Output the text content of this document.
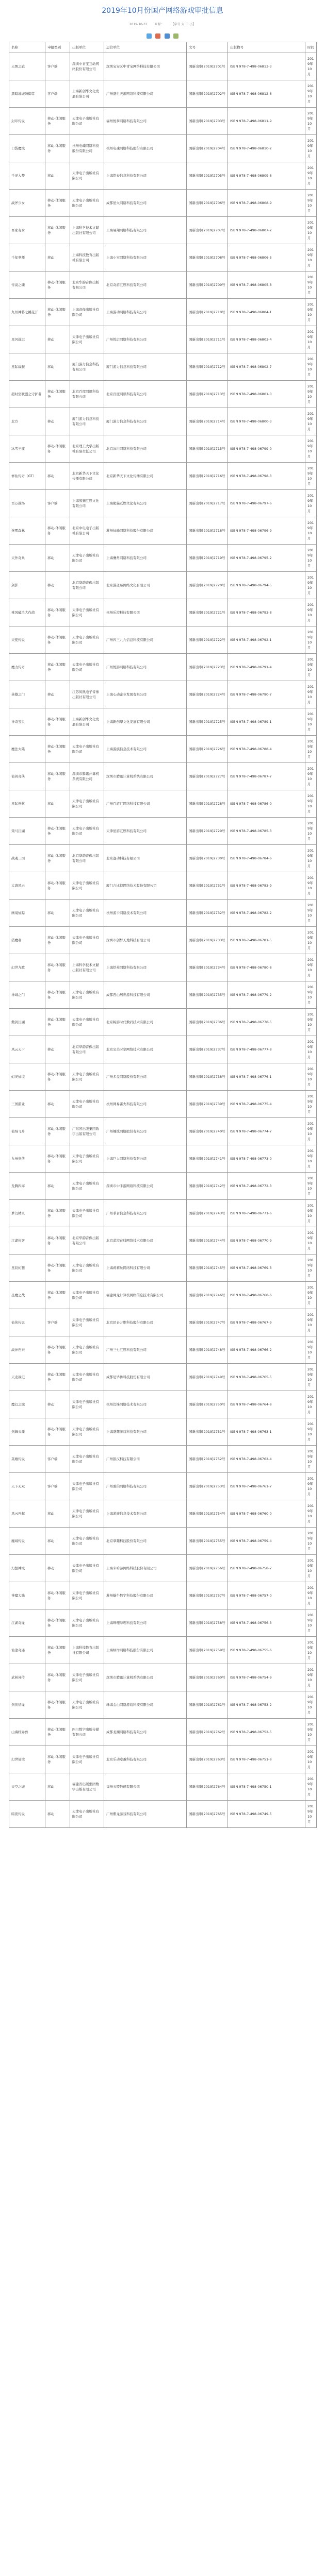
2019年10月份国产网络游戏审批信息
2019-10-31 来源： 【字号 大 中 小】

名称	申报类别	出版单位	运营单位	文号	出版物号	时间
天图之旅	客户端	深圳中青宝互动网络股份有限公司	深圳宝安区中青宝网络科技有限公司	国新出审[2019]2701号	ISBN 978-7-498-06813-3	2019年10月
黑暗地城防御者	客户端	上海新创华文化发展有限公司	广州盛世天游网络科技有限公司	国新出审[2019]2702号	ISBN 978-7-498-06812-6	2019年10月
封印传说	移动-休闲服务	天津电子出版社有限公司	福州悦掌网络科技有限公司	国新出审[2019]2703号	ISBN 978-7-498-06811-9	2019年10月
口袋魔域	移动-休闲服务	杭州电魂网络科技股份有限公司	杭州电魂网络科技股份有限公司	国新出审[2019]2704号	ISBN 978-7-498-06810-2	2019年10月
千灵入梦	移动	天津电子出版社有限公司	上海铭泰信息科技有限公司	国新出审[2019]2705号	ISBN 978-7-498-06809-6	2019年10月
战斧少女	移动-休闲服务	天津电子出版社有限公司	成都星火网络科技有限公司	国新出审[2019]2706号	ISBN 978-7-498-06808-9	2019年10月
吾家有女	移动-休闲服务	上海科学技术文献出版社有限公司	上海易翔网络科技有限公司	国新出审[2019]2707号	ISBN 978-7-498-06807-2	2019年10月
千年拳师	移动	上海科技教育出版社有限公司	上海小宝网络科技有限公司	国新出审[2019]2708号	ISBN 978-7-498-06806-5	2019年10月
传说之魂	移动-休闲服务	北京华韵音像出版有限公司	北京奇游互娱科技有限公司	国新出审[2019]2709号	ISBN 978-7-498-06805-8	2019年10月
九州神将之桃花开	移动-休闲服务	上海音像出版社有限公司	上海游动网络科技有限公司	国新出审[2019]2710号	ISBN 978-7-498-06804-1	2019年10月
星河战记	移动	天津电子出版社有限公司	广州悦启网络科技有限公司	国新出审[2019]2711号	ISBN 978-7-498-06803-4	2019年10月
星际战舰	移动	厦门游力信息科技有限公司	厦门游力信息科技有限公司	国新出审[2019]2712号	ISBN 978-7-498-06802-7	2019年10月
超时空联盟之守护者	移动-休闲服务	北京百度网讯科技有限公司	北京百度网讯科技有限公司	国新出审[2019]2713号	ISBN 978-7-498-06801-0	2019年10月
北方	移动	厦门游力信息科技有限公司	厦门游力信息科技有限公司	国新出审[2019]2714号	ISBN 978-7-498-06800-3	2019年10月
冰雪王座	移动-休闲服务	北京理工大学出版社有限责任公司	北京冰川网络科技有限公司	国新出审[2019]2715号	ISBN 978-7-498-06799-0	2019年10月
修仙传奇（GT）	移动	北京新华天下文化传播有限公司	北京新华天下文化传播有限公司	国新出审[2019]2716号	ISBN 978-7-498-06798-3	2019年10月
百万战场	客户端	上海熊猫互娱文化有限公司	上海熊猫互娱文化有限公司	国新出审[2019]2717号	ISBN 978-7-498-06797-6	2019年10月
迷雾森林	移动-休闲服务	北京中电电子出版社有限公司	苏州仙峰网络科技股份有限公司	国新出审[2019]2718号	ISBN 978-7-498-06796-9	2019年10月
天外奇兵	移动	天津电子出版社有限公司	上海鹰角网络科技有限公司	国新出审[2019]2719号	ISBN 978-7-498-06795-2	2019年10月
剑影	移动	北京华韵音像出版有限公司	北京游道易网络文化有限公司	国新出审[2019]2720号	ISBN 978-7-498-06794-5	2019年10月
乘风破浪大作战	移动-休闲服务	天津电子出版社有限公司	杭州乐港科技有限公司	国新出审[2019]2721号	ISBN 978-7-498-06793-8	2019年10月
天使传说	移动-休闲服务	天津电子出版社有限公司	广州四三九九信息科技有限公司	国新出审[2019]2722号	ISBN 978-7-498-06792-1	2019年10月
魔力传奇	移动-休闲服务	天津电子出版社有限公司	广州悦游网络科技有限公司	国新出审[2019]2723号	ISBN 978-7-498-06791-4	2019年10月
英雄之门	移动	江苏凤凰电子音像出版社有限公司	上海心动企业发展有限公司	国新出审[2019]2724号	ISBN 978-7-498-06790-7	2019年10月
神奇宝贝	移动-休闲服务	上海新创华文化发展有限公司	上海新创华文化发展有限公司	国新出审[2019]2725号	ISBN 978-7-498-06789-1	2019年10月
魔法大陆	移动-休闲服务	天津电子出版社有限公司	上海游族信息技术有限公司	国新出审[2019]2726号	ISBN 978-7-498-06788-4	2019年10月
仙剑奇侠	移动-休闲服务	深圳市腾讯计算机系统有限公司	深圳市腾讯计算机系统有限公司	国新出审[2019]2727号	ISBN 978-7-498-06787-7	2019年10月
星际迷航	移动	天津电子出版社有限公司	广州百游汇网络科技有限公司	国新出审[2019]2728号	ISBN 978-7-498-06786-0	2019年10月
策马江湖	移动-休闲服务	天津电子出版社有限公司	天津星游互娱科技有限公司	国新出审[2019]2729号	ISBN 978-7-498-06785-3	2019年10月
战魂三国	移动-休闲服务	北京华韵音像出版有限公司	北京逸动科技有限公司	国新出审[2019]2730号	ISBN 978-7-498-06784-6	2019年10月
大唐风云	移动-休闲服务	天津电子出版社有限公司	厦门吉比特网络技术股份有限公司	国新出审[2019]2731号	ISBN 978-7-498-06783-9	2019年10月
画境仙踪	移动	天津电子出版社有限公司	杭州游卡网络技术有限公司	国新出审[2019]2732号	ISBN 978-7-498-06782-2	2019年10月
猎魔者	移动-休闲服务	天津电子出版社有限公司	深圳市创梦天地科技有限公司	国新出审[2019]2733号	ISBN 978-7-498-06781-5	2019年10月
幻世九歌	移动-休闲服务	上海科学技术文献出版社有限公司	上海恺英网络科技有限公司	国新出审[2019]2734号	ISBN 978-7-498-06780-8	2019年10月
神域之门	移动-休闲服务	天津电子出版社有限公司	成都西山居世游科技有限公司	国新出审[2019]2735号	ISBN 978-7-498-06779-2	2019年10月
傲剑江湖	移动-休闲服务	天津电子出版社有限公司	北京畅游时代数码技术有限公司	国新出审[2019]2736号	ISBN 978-7-498-06778-5	2019年10月
风云天下	移动	北京华韵音像出版有限公司	北京完美时空网络技术有限公司	国新出审[2019]2737号	ISBN 978-7-498-06777-8	2019年10月
幻灵仙境	移动-休闲服务	天津电子出版社有限公司	广州多益网络股份有限公司	国新出审[2019]2738号	ISBN 978-7-498-06776-1	2019年10月
三国霸业	移动	天津电子出版社有限公司	杭州网易雷火科技有限公司	国新出审[2019]2739号	ISBN 978-7-498-06775-4	2019年10月
仙域飞升	移动-休闲服务	广东省出版集团数字出版有限公司	广州趣炫网络股份有限公司	国新出审[2019]2740号	ISBN 978-7-498-06774-7	2019年10月
九州剑侠	移动-休闲服务	天津电子出版社有限公司	上海巨人网络科技有限公司	国新出审[2019]2741号	ISBN 978-7-498-06773-0	2019年10月
龙腾四海	移动	天津电子出版社有限公司	深圳市中手游网络科技有限公司	国新出审[2019]2742号	ISBN 978-7-498-06772-3	2019年10月
梦幻精灵	移动-休闲服务	天津电子出版社有限公司	广州菲音信息科技有限公司	国新出审[2019]2743号	ISBN 978-7-498-06771-6	2019年10月
江湖侠客	移动-休闲服务	北京华韵音像出版有限公司	北京蓝港在线网络技术有限公司	国新出审[2019]2744号	ISBN 978-7-498-06770-9	2019年10月
星辰幻想	移动-休闲服务	天津电子出版社有限公司	上海莉莉丝网络科技有限公司	国新出审[2019]2745号	ISBN 978-7-498-06769-3	2019年10月
圣魔之战	移动-休闲服务	天津电子出版社有限公司	福建网龙计算机网络信息技术有限公司	国新出审[2019]2746号	ISBN 978-7-498-06768-6	2019年10月
仙侠传说	客户端	天津电子出版社有限公司	北京昆仑万维科技股份有限公司	国新出审[2019]2747号	ISBN 978-7-498-06767-9	2019年10月
战神归来	移动-休闲服务	天津电子出版社有限公司	广州三七互娱科技有限公司	国新出审[2019]2748号	ISBN 978-7-498-06766-2	2019年10月
天龙战记	移动-休闲服务	天津电子出版社有限公司	成都尼毕鲁科技股份有限公司	国新出审[2019]2749号	ISBN 978-7-498-06765-5	2019年10月
魔幻之城	移动	天津电子出版社有限公司	杭州边锋网络技术有限公司	国新出审[2019]2750号	ISBN 978-7-498-06764-8	2019年10月
剑舞天涯	移动-休闲服务	天津电子出版社有限公司	上海盛趣游戏科技有限公司	国新出审[2019]2751号	ISBN 978-7-498-06763-1	2019年10月
英雄传说	客户端	天津电子出版社有限公司	广州银汉科技有限公司	国新出审[2019]2752号	ISBN 978-7-498-06762-4	2019年10月
天下无双	客户端	天津电子出版社有限公司	广州骏伯网络科技有限公司	国新出审[2019]2753号	ISBN 978-7-498-06761-7	2019年10月
风云再起	移动	天津电子出版社有限公司	上海游族信息技术有限公司	国新出审[2019]2754号	ISBN 978-7-498-06760-0	2019年10月
魔域传说	移动	天津电子出版社有限公司	北京掌趣科技股份有限公司	国新出审[2019]2755号	ISBN 978-7-498-06759-4	2019年10月
幻想神域	移动	天津电子出版社有限公司	上海米哈游网络科技股份有限公司	国新出审[2019]2756号	ISBN 978-7-498-06758-7	2019年10月
神魔大陆	移动-休闲服务	天津电子出版社有限公司	苏州蜗牛数字科技股份有限公司	国新出审[2019]2757号	ISBN 978-7-498-06757-0	2019年10月
江湖奇缘	移动-休闲服务	天津电子出版社有限公司	上海哔哩哔哩科技有限公司	国新出审[2019]2758号	ISBN 978-7-498-06756-3	2019年10月
仙途奇遇	移动-休闲服务	上海科技教育出版社有限公司	上海绿岸网络科技股份有限公司	国新出审[2019]2759号	ISBN 978-7-498-06755-6	2019年10月
武林外传	移动-休闲服务	天津电子出版社有限公司	深圳市腾讯计算机系统有限公司	国新出审[2019]2760号	ISBN 978-7-498-06754-9	2019年10月
剑侠情缘	移动-休闲服务	天津电子出版社有限公司	珠海金山网络游戏科技有限公司	国新出审[2019]2761号	ISBN 978-7-498-06753-2	2019年10月
山海经异兽	移动-休闲服务	四川数字出版传媒有限公司	成都龙渊网络科技有限公司	国新出审[2019]2762号	ISBN 978-7-498-06752-5	2019年10月
幻世仙境	移动-休闲服务	天津电子出版社有限公司	北京乐动卓越科技有限公司	国新出审[2019]2763号	ISBN 978-7-498-06751-8	2019年10月
天空之城	移动	福建省出版集团数字出版有限公司	福州天盟数码有限公司	国新出审[2019]2764号	ISBN 978-7-498-06750-1	2019年10月
暗夜传说	移动	天津电子出版社有限公司	广州紫龙游戏科技有限公司	国新出审[2019]2765号	ISBN 978-7-498-06749-5	2019年10月
